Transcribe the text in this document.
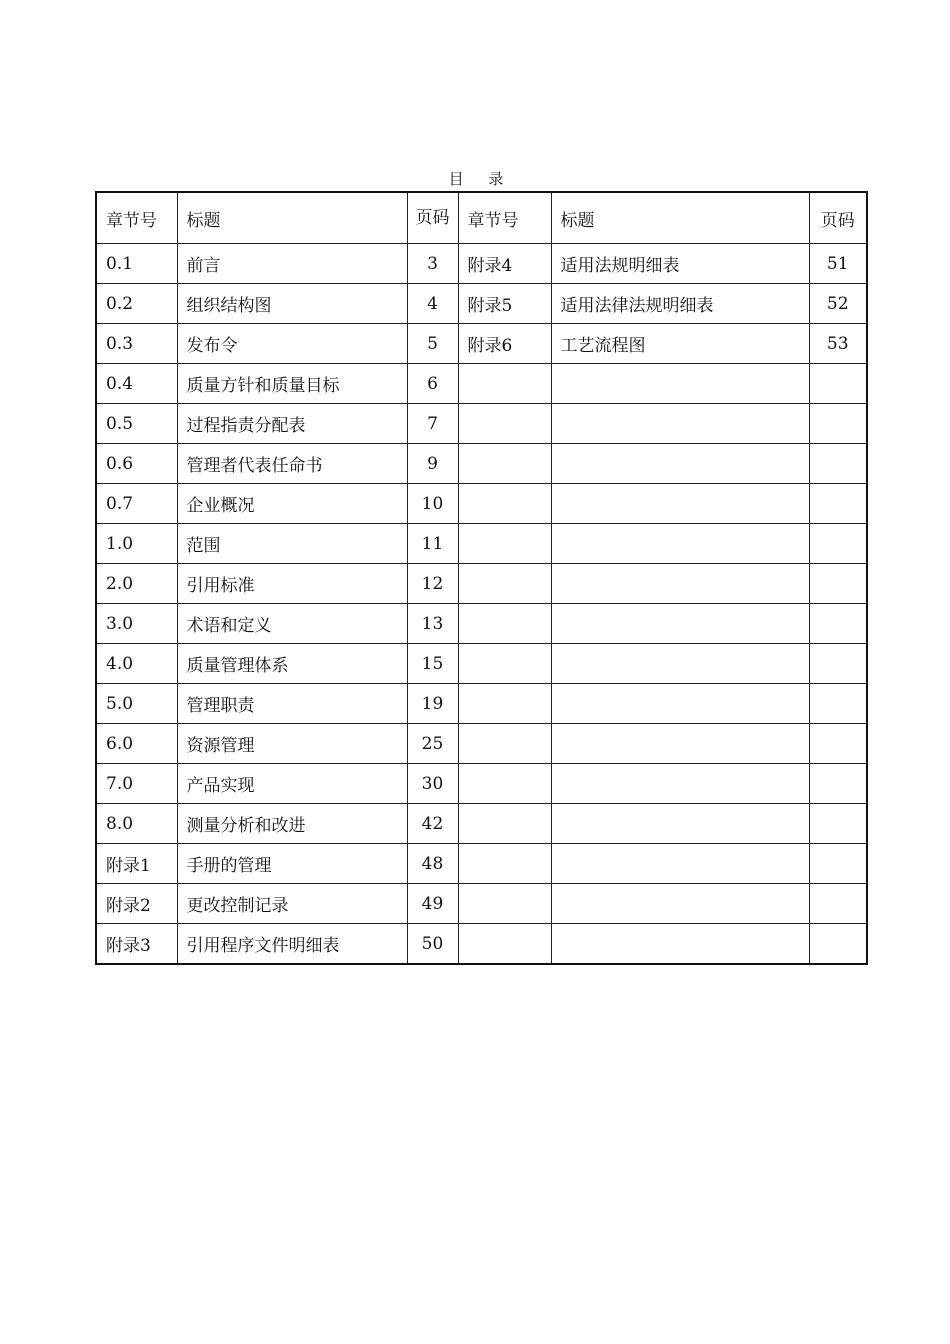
目 录
章节号	标题	页码	章节号	标题	页码
0.1	前言	3	附录4	适用法规明细表	51
0.2	组织结构图	4	附录5	适用法律法规明细表	52
0.3	发布令	5	附录6	工艺流程图	53
0.4	质量方针和质量目标	6			
0.5	过程指责分配表	7			
0.6	管理者代表任命书	9			
0.7	企业概况	10			
1.0	范围	11			
2.0	引用标准	12			
3.0	术语和定义	13			
4.0	质量管理体系	15			
5.0	管理职责	19			
6.0	资源管理	25			
7.0	产品实现	30			
8.0	测量分析和改进	42			
附录1	手册的管理	48			
附录2	更改控制记录	49			
附录3	引用程序文件明细表	50			
